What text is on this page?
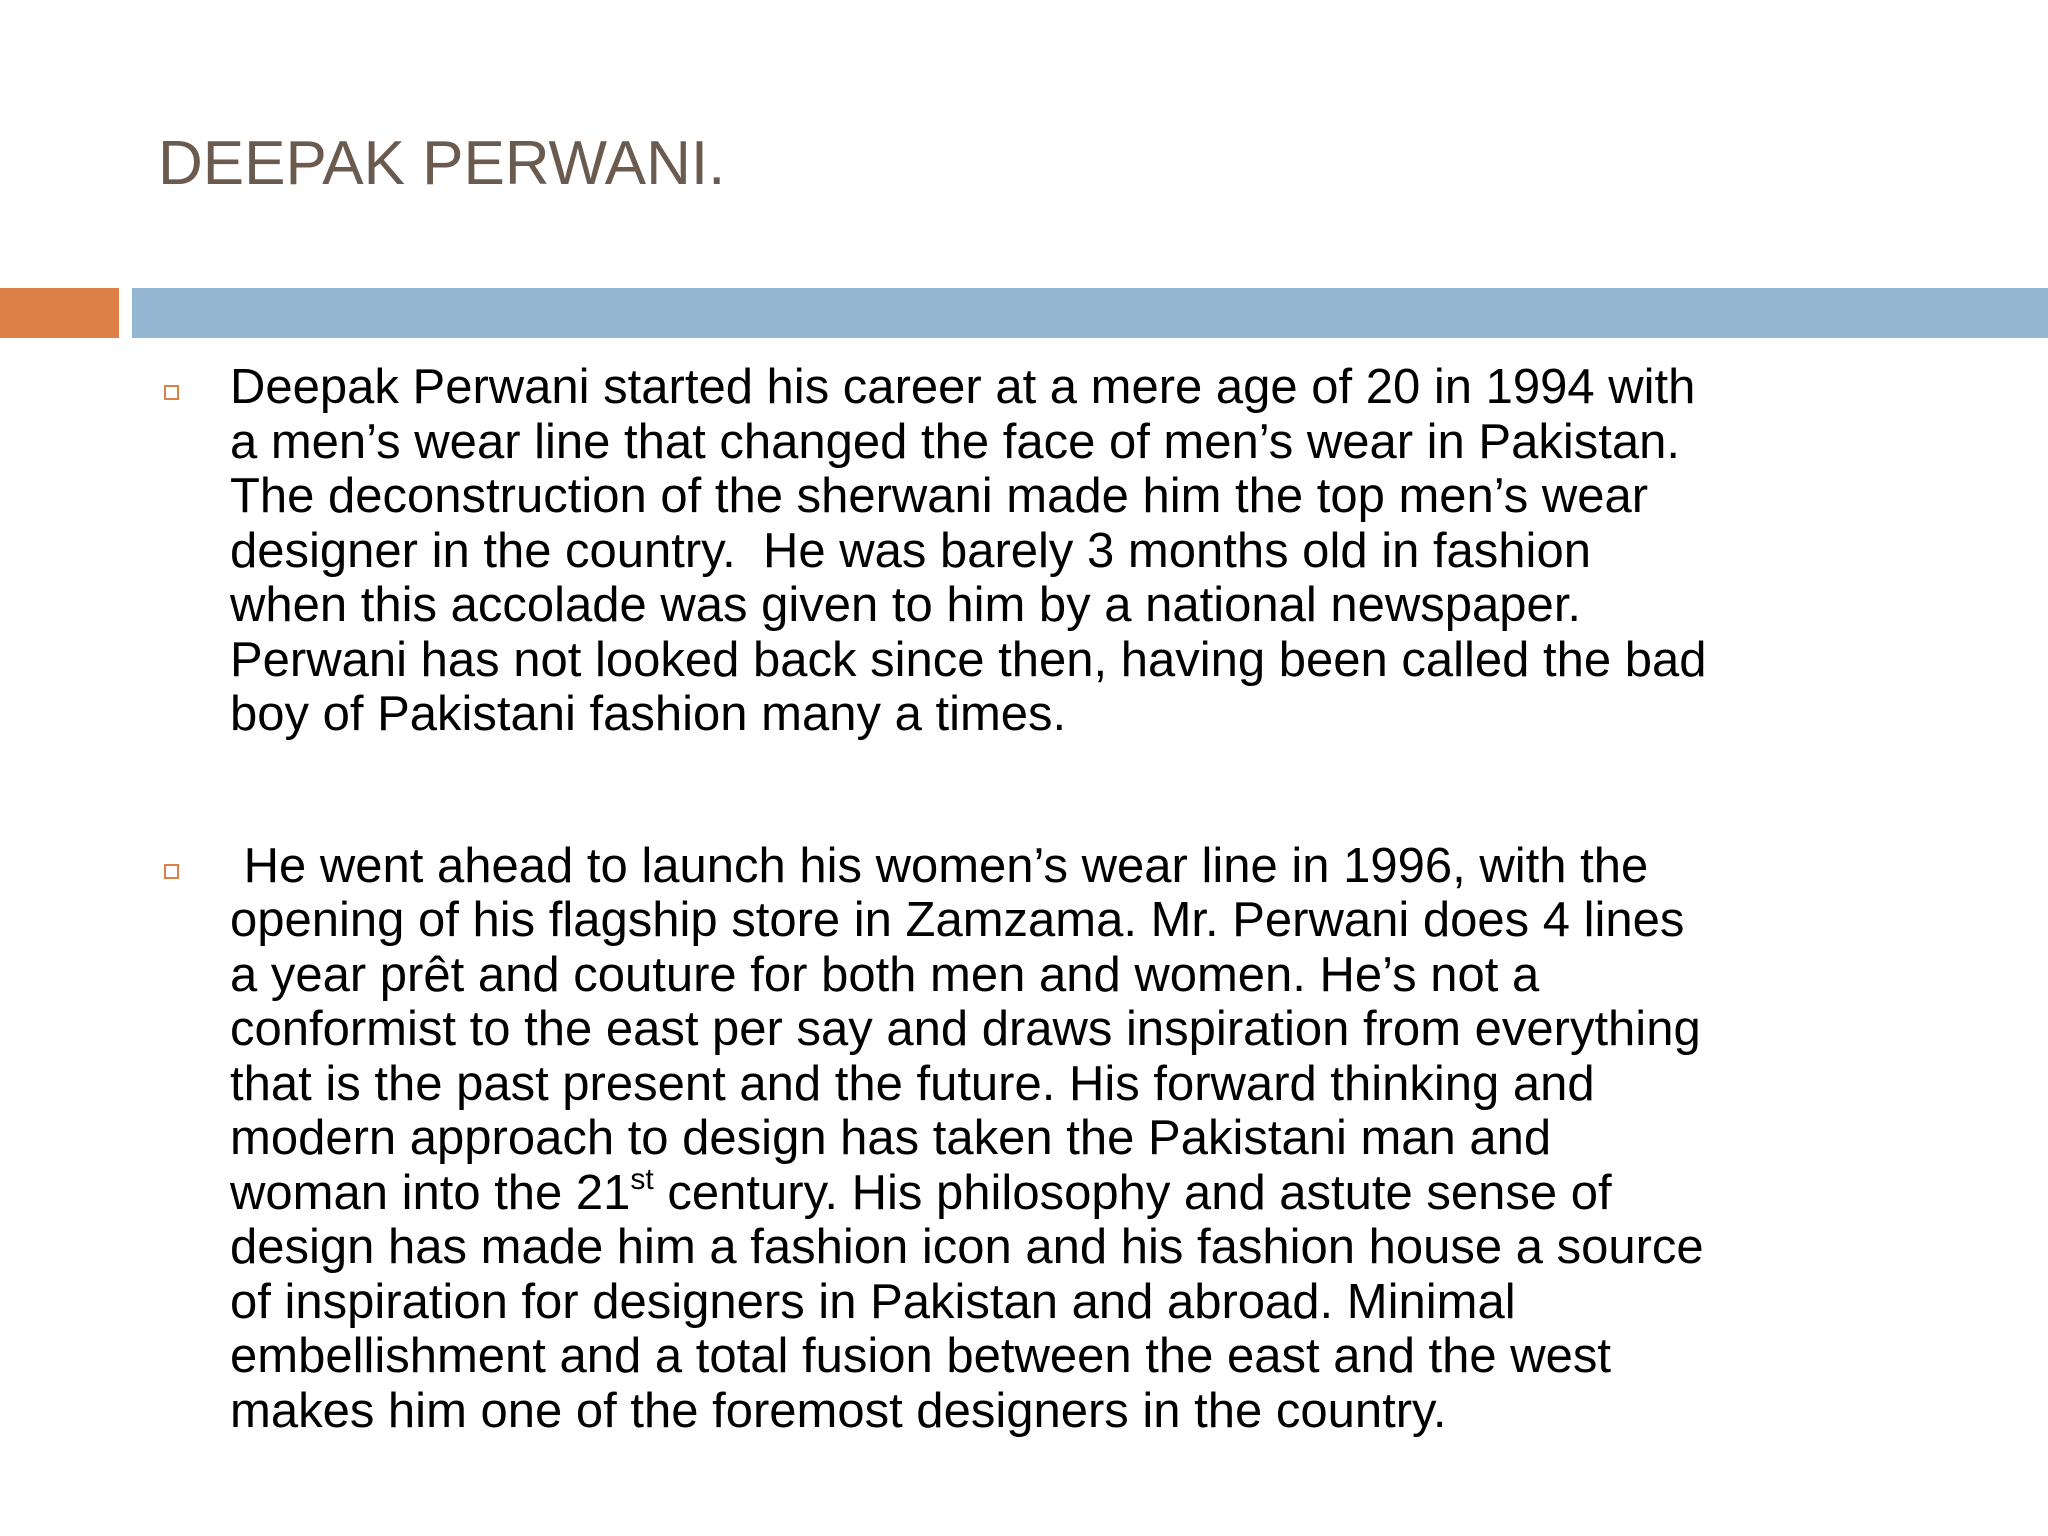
DEEPAK PERWANI.
Deepak Perwani started his career at a mere age of 20 in 1994 with
a men’s wear line that changed the face of men’s wear in Pakistan.
The deconstruction of the sherwani made him the top men’s wear
designer in the country.  He was barely 3 months old in fashion
when this accolade was given to him by a national newspaper.
Perwani has not looked back since then, having been called the bad
boy of Pakistani fashion many a times.
He went ahead to launch his women’s wear line in 1996, with the
opening of his flagship store in Zamzama. Mr. Perwani does 4 lines
a year prêt and couture for both men and women. He’s not a
conformist to the east per say and draws inspiration from everything
that is the past present and the future. His forward thinking and
modern approach to design has taken the Pakistani man and
woman into the 21st century. His philosophy and astute sense of
design has made him a fashion icon and his fashion house a source
of inspiration for designers in Pakistan and abroad. Minimal
embellishment and a total fusion between the east and the west
makes him one of the foremost designers in the country.
